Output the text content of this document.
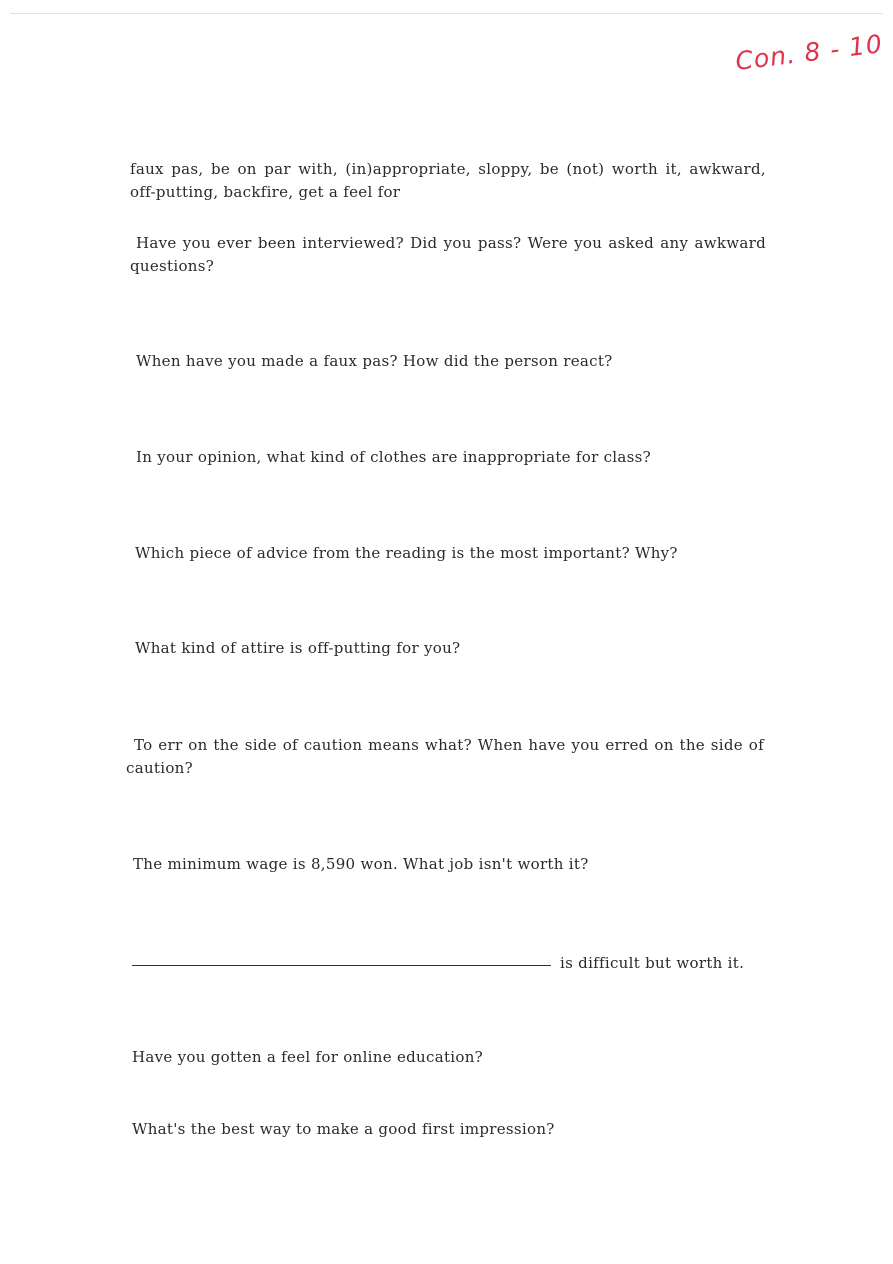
Con. 8 - 10
faux pas, be on par with, (in)appropriate, sloppy, be (not) worth it, awkward, off-putting, backfire, get a feel for
Have you ever been interviewed? Did you pass? Were you asked any awkward questions?
When have you made a faux pas? How did the person react?
In your opinion, what kind of clothes are inappropriate for class?
Which piece of advice from the reading is the most important? Why?
What kind of attire is off-putting for you?
To err on the side of caution means what? When have you erred on the side of caution?
The minimum wage is 8,590 won. What job isn't worth it?
is difficult but worth it.
Have you gotten a feel for online education?
What's the best way to make a good first impression?
